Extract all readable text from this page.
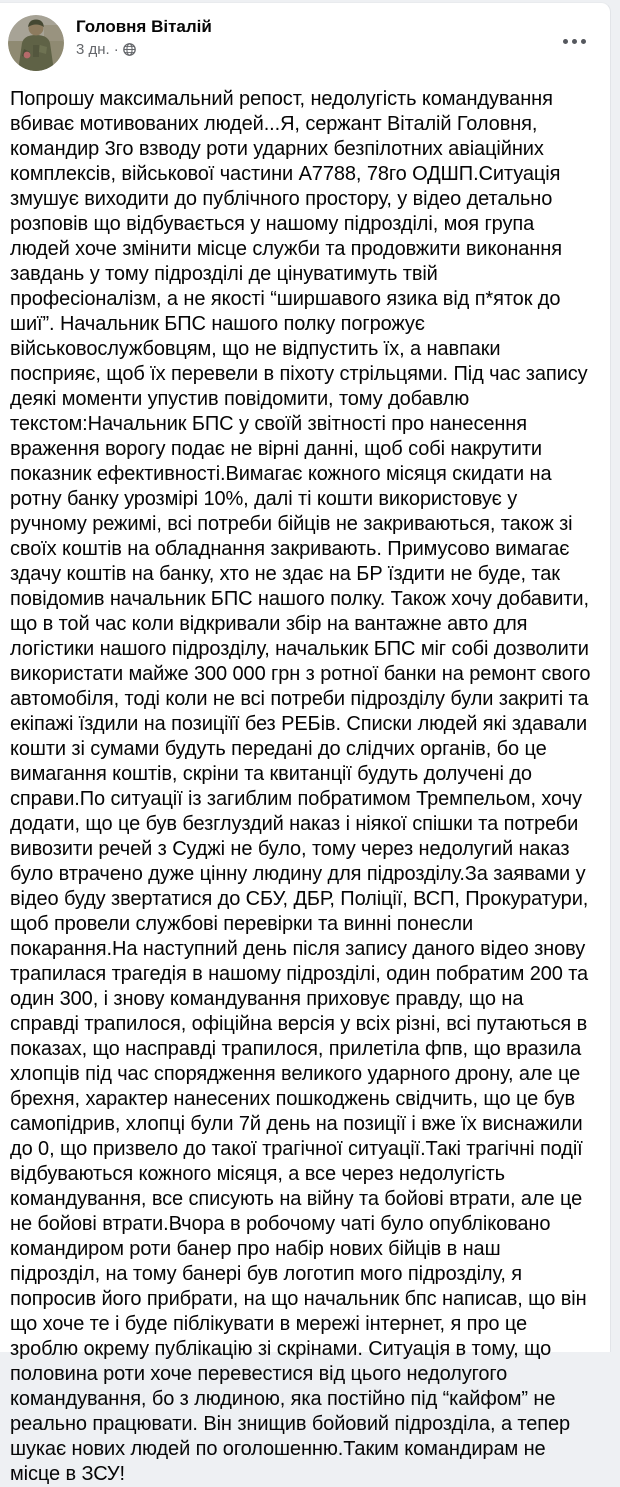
Головня Віталій
3 дн. ·
Попрошу максимальний репост, недолугість командування вбиває мотивованих людей...Я, сержант Віталій Головня, командир 3го взводу роти ударних безпілотних авіаційних комплексів, військової частини А7788, 78го ОДШП.Ситуація змушує виходити до публічного простору, у відео детально розповів що відбувається у нашому підрозділі, моя група людей хоче змінити місце служби та продовжити виконання завдань у тому підрозділі де цінуватимуть твій професіоналізм, а не якості “ширшавого язика від п*яток до шиї”. Начальник БПС нашого полку погрожує військовослужбовцям, що не відпустить їх, а навпаки посприяє, щоб їх перевели в піхоту стрільцями. Під час запису деякі моменти упустив повідомити, тому добавлю текстом:Начальник БПС у своїй звітності про нанесення враження ворогу подає не вірні данні, щоб собі накрутити показник ефективності.Вимагає кожного місяця скидати на ротну банку урозмірі 10%, далі ті кошти використовує у ручному режимі, всі потреби бійців не закриваються, також зі своїх коштів на обладнання закривають. Примусово вимагає здачу коштів на банку, хто не здає на БР їздити не буде, так повідомив начальник БПС нашого полку. Також хочу добавити, що в той час коли відкривали збір на вантажне авто для логістики нашого підрозділу, началькик БПС міг собі дозволити використати майже 300 000 грн з ротної банки на ремонт свого автомобіля, тоді коли не всі потреби підрозділу були закриті та екіпажі їздили на позиціїї без РЕБів. Списки людей які здавали кошти зі сумами будуть передані до слідчих органів, бо це вимагання коштів, скріни та квитанції будуть долучені до справи.По ситуації із загиблим побратимом Тремпельом, хочу додати, що це був безглуздий наказ і ніякої спішки та потреби вивозити речей з Суджі не було, тому через недолугий наказ було втрачено дуже цінну людину для підрозділу.За заявами у відео буду звертатися до СБУ, ДБР, Поліції, ВСП, Прокуратури, щоб провели службові перевірки та винні понесли покарання.На наступний день після запису даного відео знову трапилася трагедія в нашому підрозділі, один побратим 200 та один 300, і знову командування приховує правду, що на справді трапилося, офіційна версія у всіх різні, всі путаються в показах, що насправді трапилося, прилетіла фпв, що вразила хлопців під час спорядження великого ударного дрону, але це брехня, характер нанесених пошкоджень свідчить, що це був самопідрив, хлопці були 7й день на позиції і вже їх виснажили до 0, що призвело до такої трагічної ситуації.Такі трагічні події відбуваються кожного місяця, а все через недолугість командування, все списують на війну та бойові втрати, але це не бойові втрати.Вчора в робочому чаті було опубліковано командиром роти банер про набір нових бійців в наш підрозділ, на тому банері був логотип мого підрозділу, я попросив його прибрати, на що начальник бпс написав, що він що хоче те і буде піблікувати в мережі інтернет, я про це зроблю окрему публікацію зі скрінами. Ситуація в тому, що половина роти хоче перевестися від цього недолугого командування, бо з людиною, яка постійно під “кайфом” не реально працювати. Він знищив бойовий підрозділа, а тепер шукає нових людей по оголошенню.Таким командирам не місце в ЗСУ!
